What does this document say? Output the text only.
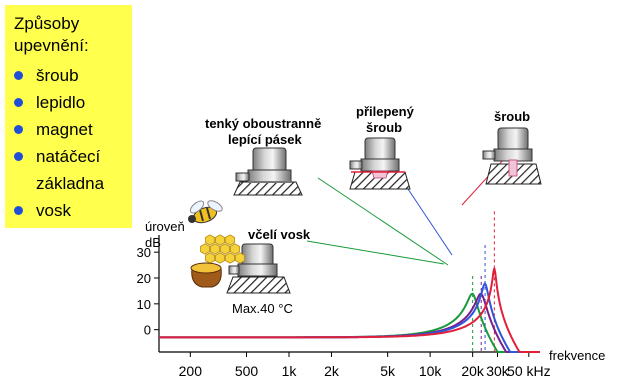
Způsoby
upevnění:
šroub
lepidlo
magnet
natáčecí
základna
vosk
30
20
10
0
200 500 1k 2k	5k 10k 20k 30k
50 kHz
úroveň
dB
frekvence
tenký oboustranně
lepící pásek
přilepený
šroub
šroub
včelí vosk
Max.40 °C
